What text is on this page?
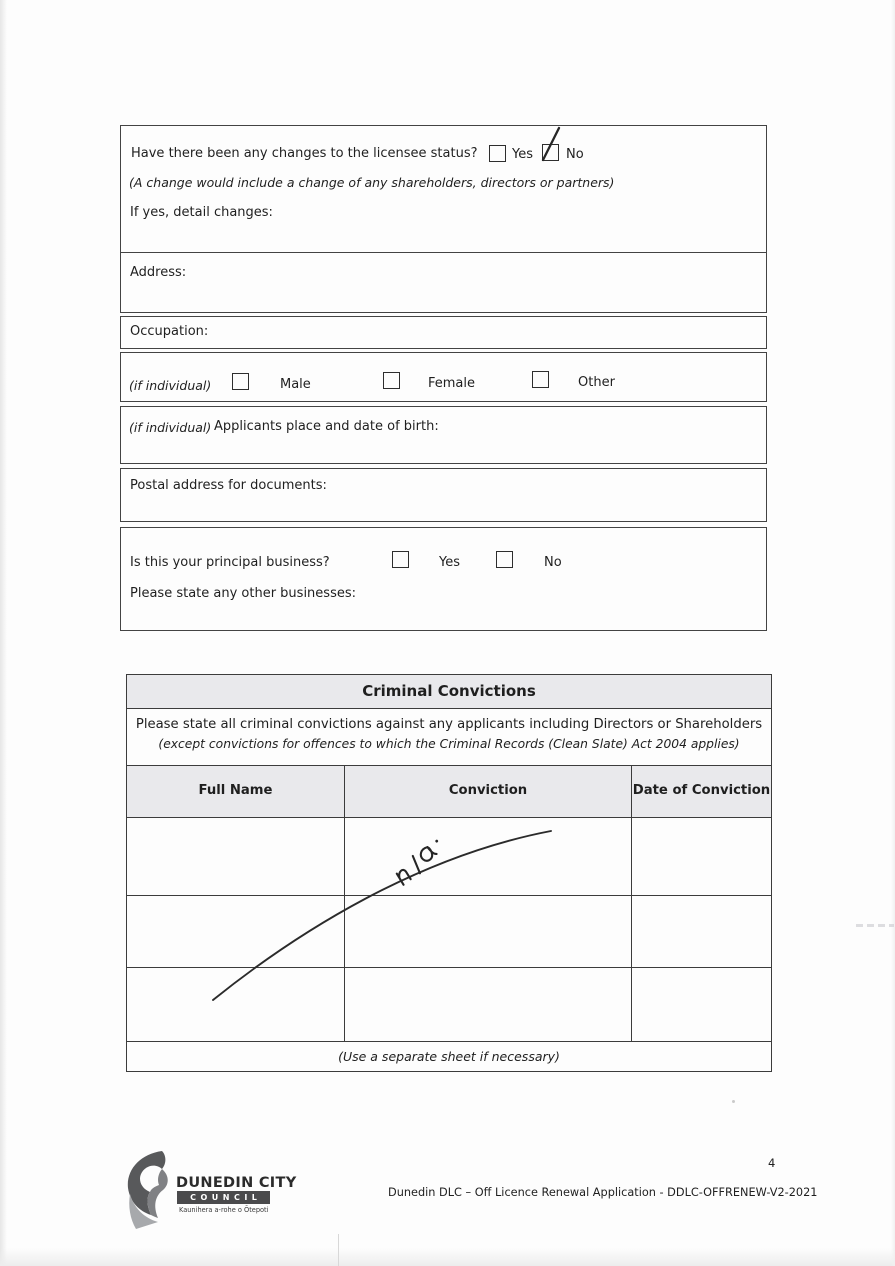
Have there been any changes to the licensee status?	Yes	No
(A change would include a change of any shareholders, directors or partners)
If yes, detail changes:
Address:
Occupation:
(if individual)	Male	Female	Other
(if individual) Applicants place and date of birth:
Postal address for documents:
Is this your principal business?	Yes	No
Please state any other businesses:
Criminal Convictions
Please state all criminal convictions against any applicants including Directors or Shareholders
(except convictions for offences to which the Criminal Records (Clean Slate) Act 2004 applies)
Full Name	Conviction	Date of Conviction
(Use a separate sheet if necessary)
DUNEDIN CITY
COUNCIL
Kaunihera a-rohe o Ōtepoti
4
Dunedin DLC – Off Licence Renewal Application - DDLC-OFFRENEW-V2-2021
